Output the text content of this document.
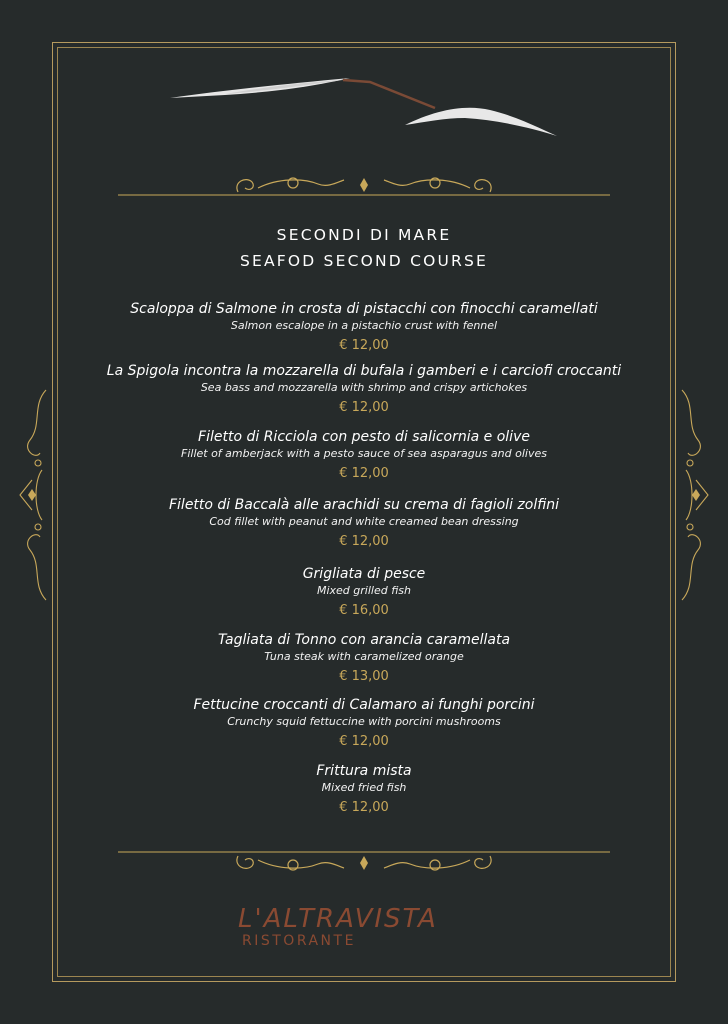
SECONDI DI MARE
SEAFOD SECOND COURSE
Scaloppa di Salmone in crosta di pistacchi con finocchi caramellati
Salmon escalope in a pistachio crust with fennel
€ 12,00
La Spigola incontra la mozzarella di bufala i gamberi e i carciofi croccanti
Sea bass and mozzarella with shrimp and crispy artichokes
€ 12,00
Filetto di Ricciola con pesto di salicornia e olive
Fillet of amberjack with a pesto sauce of sea asparagus and olives
€ 12,00
Filetto di Baccalà alle arachidi su crema di fagioli zolfini
Cod fillet with peanut and white creamed bean dressing
€ 12,00
Grigliata di pesce
Mixed grilled fish
€ 16,00
Tagliata di Tonno con arancia caramellata
Tuna steak with caramelized orange
€ 13,00
Fettucine croccanti di Calamaro ai funghi porcini
Crunchy squid fettuccine with porcini mushrooms
€ 12,00
Frittura mista
Mixed fried fish
€ 12,00
L'ALTRAVISTA
RISTORANTE
